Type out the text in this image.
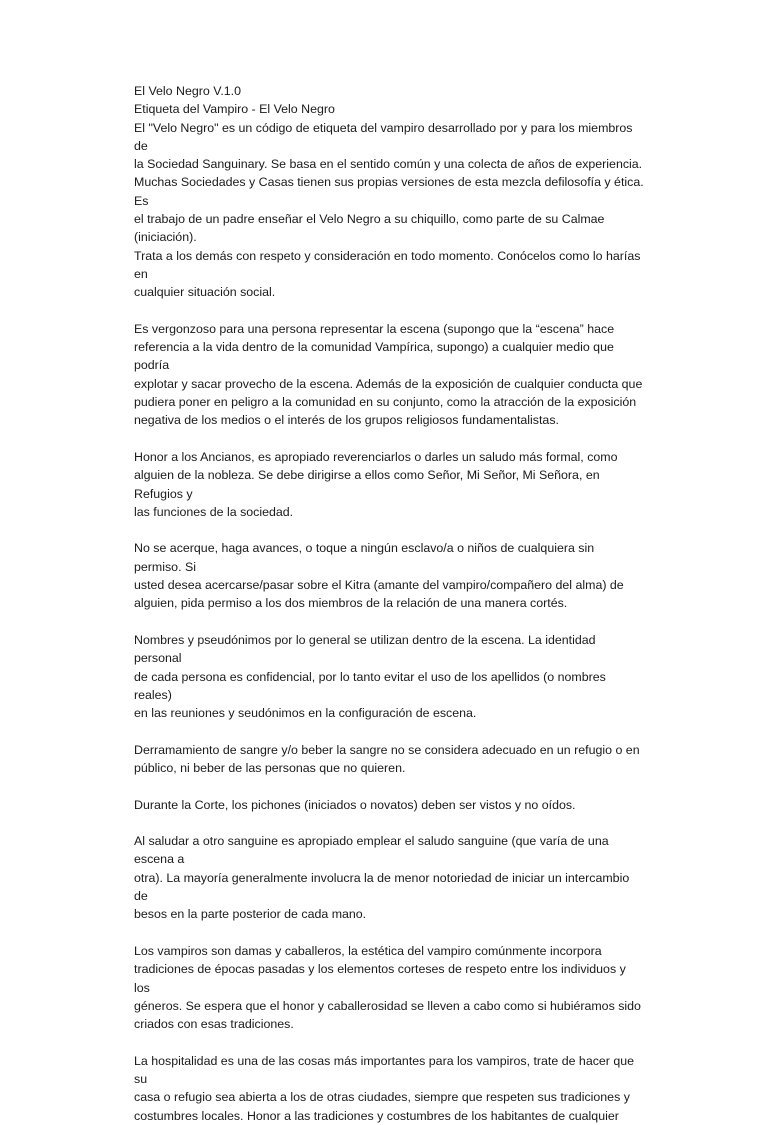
El Velo Negro V.1.0
Etiqueta del Vampiro - El Velo Negro
El "Velo Negro" es un código de etiqueta del vampiro desarrollado por y para los miembros de
la Sociedad Sanguinary. Se basa en el sentido común y una colecta de años de experiencia.
Muchas Sociedades y Casas tienen sus propias versiones de esta mezcla defilosofía y ética. Es
el trabajo de un padre enseñar el Velo Negro a su chiquillo, como parte de su Calmae
(iniciación).
Trata a los demás con respeto y consideración en todo momento. Conócelos como lo harías en
cualquier situación social.
Es vergonzoso para una persona representar la escena (supongo que la “escena” hace
referencia a la vida dentro de la comunidad Vampírica, supongo) a cualquier medio que podría
explotar y sacar provecho de la escena. Además de la exposición de cualquier conducta que
pudiera poner en peligro a la comunidad en su conjunto, como la atracción de la exposición
negativa de los medios o el interés de los grupos religiosos fundamentalistas.
Honor a los Ancianos, es apropiado reverenciarlos o darles un saludo más formal, como
alguien de la nobleza. Se debe dirigirse a ellos como Señor, Mi Señor, Mi Señora, en Refugios y
las funciones de la sociedad.
No se acerque, haga avances, o toque a ningún esclavo/a o niños de cualquiera sin permiso. Si
usted desea acercarse/pasar sobre el Kitra (amante del vampiro/compañero del alma) de
alguien, pida permiso a los dos miembros de la relación de una manera cortés.
Nombres y pseudónimos por lo general se utilizan dentro de la escena. La identidad personal
de cada persona es confidencial, por lo tanto evitar el uso de los apellidos (o nombres reales)
en las reuniones y seudónimos en la configuración de escena.
Derramamiento de sangre y/o beber la sangre no se considera adecuado en un refugio o en
público, ni beber de las personas que no quieren.
Durante la Corte, los pichones (iniciados o novatos) deben ser vistos y no oídos.
Al saludar a otro sanguine es apropiado emplear el saludo sanguine (que varía de una escena a
otra). La mayoría generalmente involucra la de menor notoriedad de iniciar un intercambio de
besos en la parte posterior de cada mano.
Los vampiros son damas y caballeros, la estética del vampiro comúnmente incorpora
tradiciones de épocas pasadas y los elementos corteses de respeto entre los individuos y los
géneros. Se espera que el honor y caballerosidad se lleven a cabo como si hubiéramos sido
criados con esas tradiciones.
La hospitalidad es una de las cosas más importantes para los vampiros, trate de hacer que su
casa o refugio sea abierta a los de otras ciudades, siempre que respeten sus tradiciones y
costumbres locales. Honor a las tradiciones y costumbres de los habitantes de cualquier
